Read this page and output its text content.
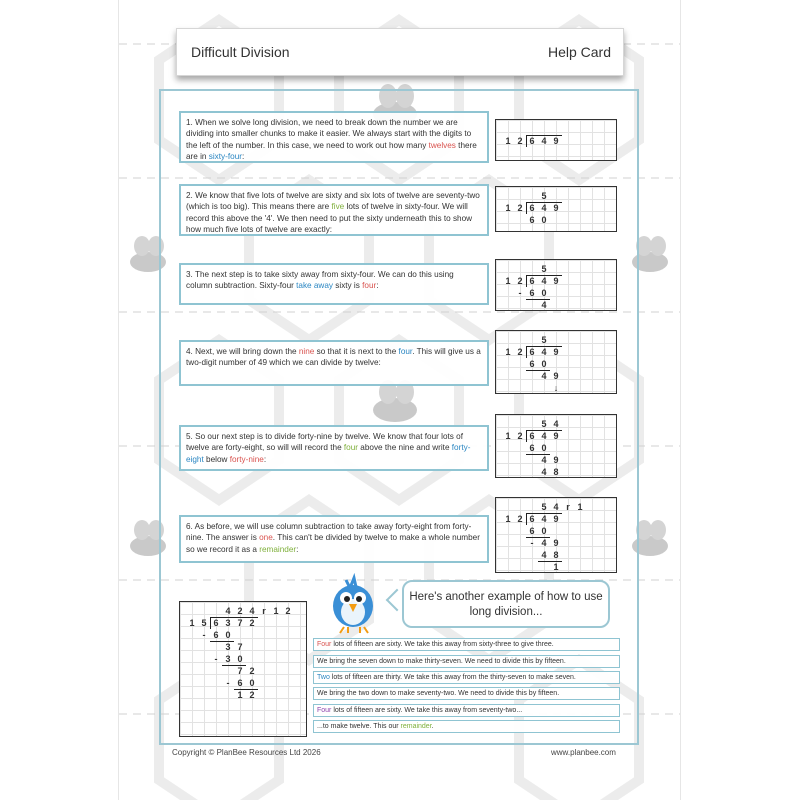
Difficult Division	Help Card
1. When we solve long division, we need to break down the number we are dividing into smaller chunks to make it easier. We always start with the digits to the left of the number. In this case, we need to work out how many twelves there are in sixty-four:
2. We know that five lots of twelve are sixty and six lots of twelve are seventy-two (which is too big). This means there are five lots of twelve in sixty-four. We will record this above the '4'. We then need to put the sixty underneath this to show how much five lots of twelve are exactly:
3. The next step is to take sixty away from sixty-four. We can do this using column subtraction. Sixty-four take away sixty is four:
4. Next, we will bring down the nine so that it is next to the four. This will give us a two-digit number of 49 which we can divide by twelve:
5. So our next step is to divide forty-nine by twelve. We know that four lots of twelve are forty-eight, so will will record the four above the nine and write forty-eight below forty-nine:
6. As before, we will use column subtraction to take away forty-eight from forty-nine. The answer is one. This can't be divided by twelve to make a whole number so we record it as a remainder:
1 2 6 4 9
5
1 2 6 4 9
6 0
5
1 2 6 4 9
- 6 0
4
5
1 2 6 4 9
6 0
4 9
↓
5 4
1 2 6 4 9
6 0
4 9
4 8
5 4 r 1
1 2 6 4 9
6 0
- 4 9
4 8
1
Here's another example of how to use long division...
4 2 4 r 1 2
1 5 6 3 7 2
- 6 0
3 7
- 3 0
7 2
- 6 0
1 2
Four lots of fifteen are sixty. We take this away from sixty-three to give three.
We bring the seven down to make thirty-seven. We need to divide this by fifteen.
Two lots of fifteen are thirty. We take this away from the thirty-seven to make seven.
We bring the two down to make seventy-two. We need to divide this by fifteen.
Four lots of fifteen are sixty. We take this away from seventy-two...
...to make twelve. This our remainder.
Copyright © PlanBee Resources Ltd 2026	www.planbee.com
